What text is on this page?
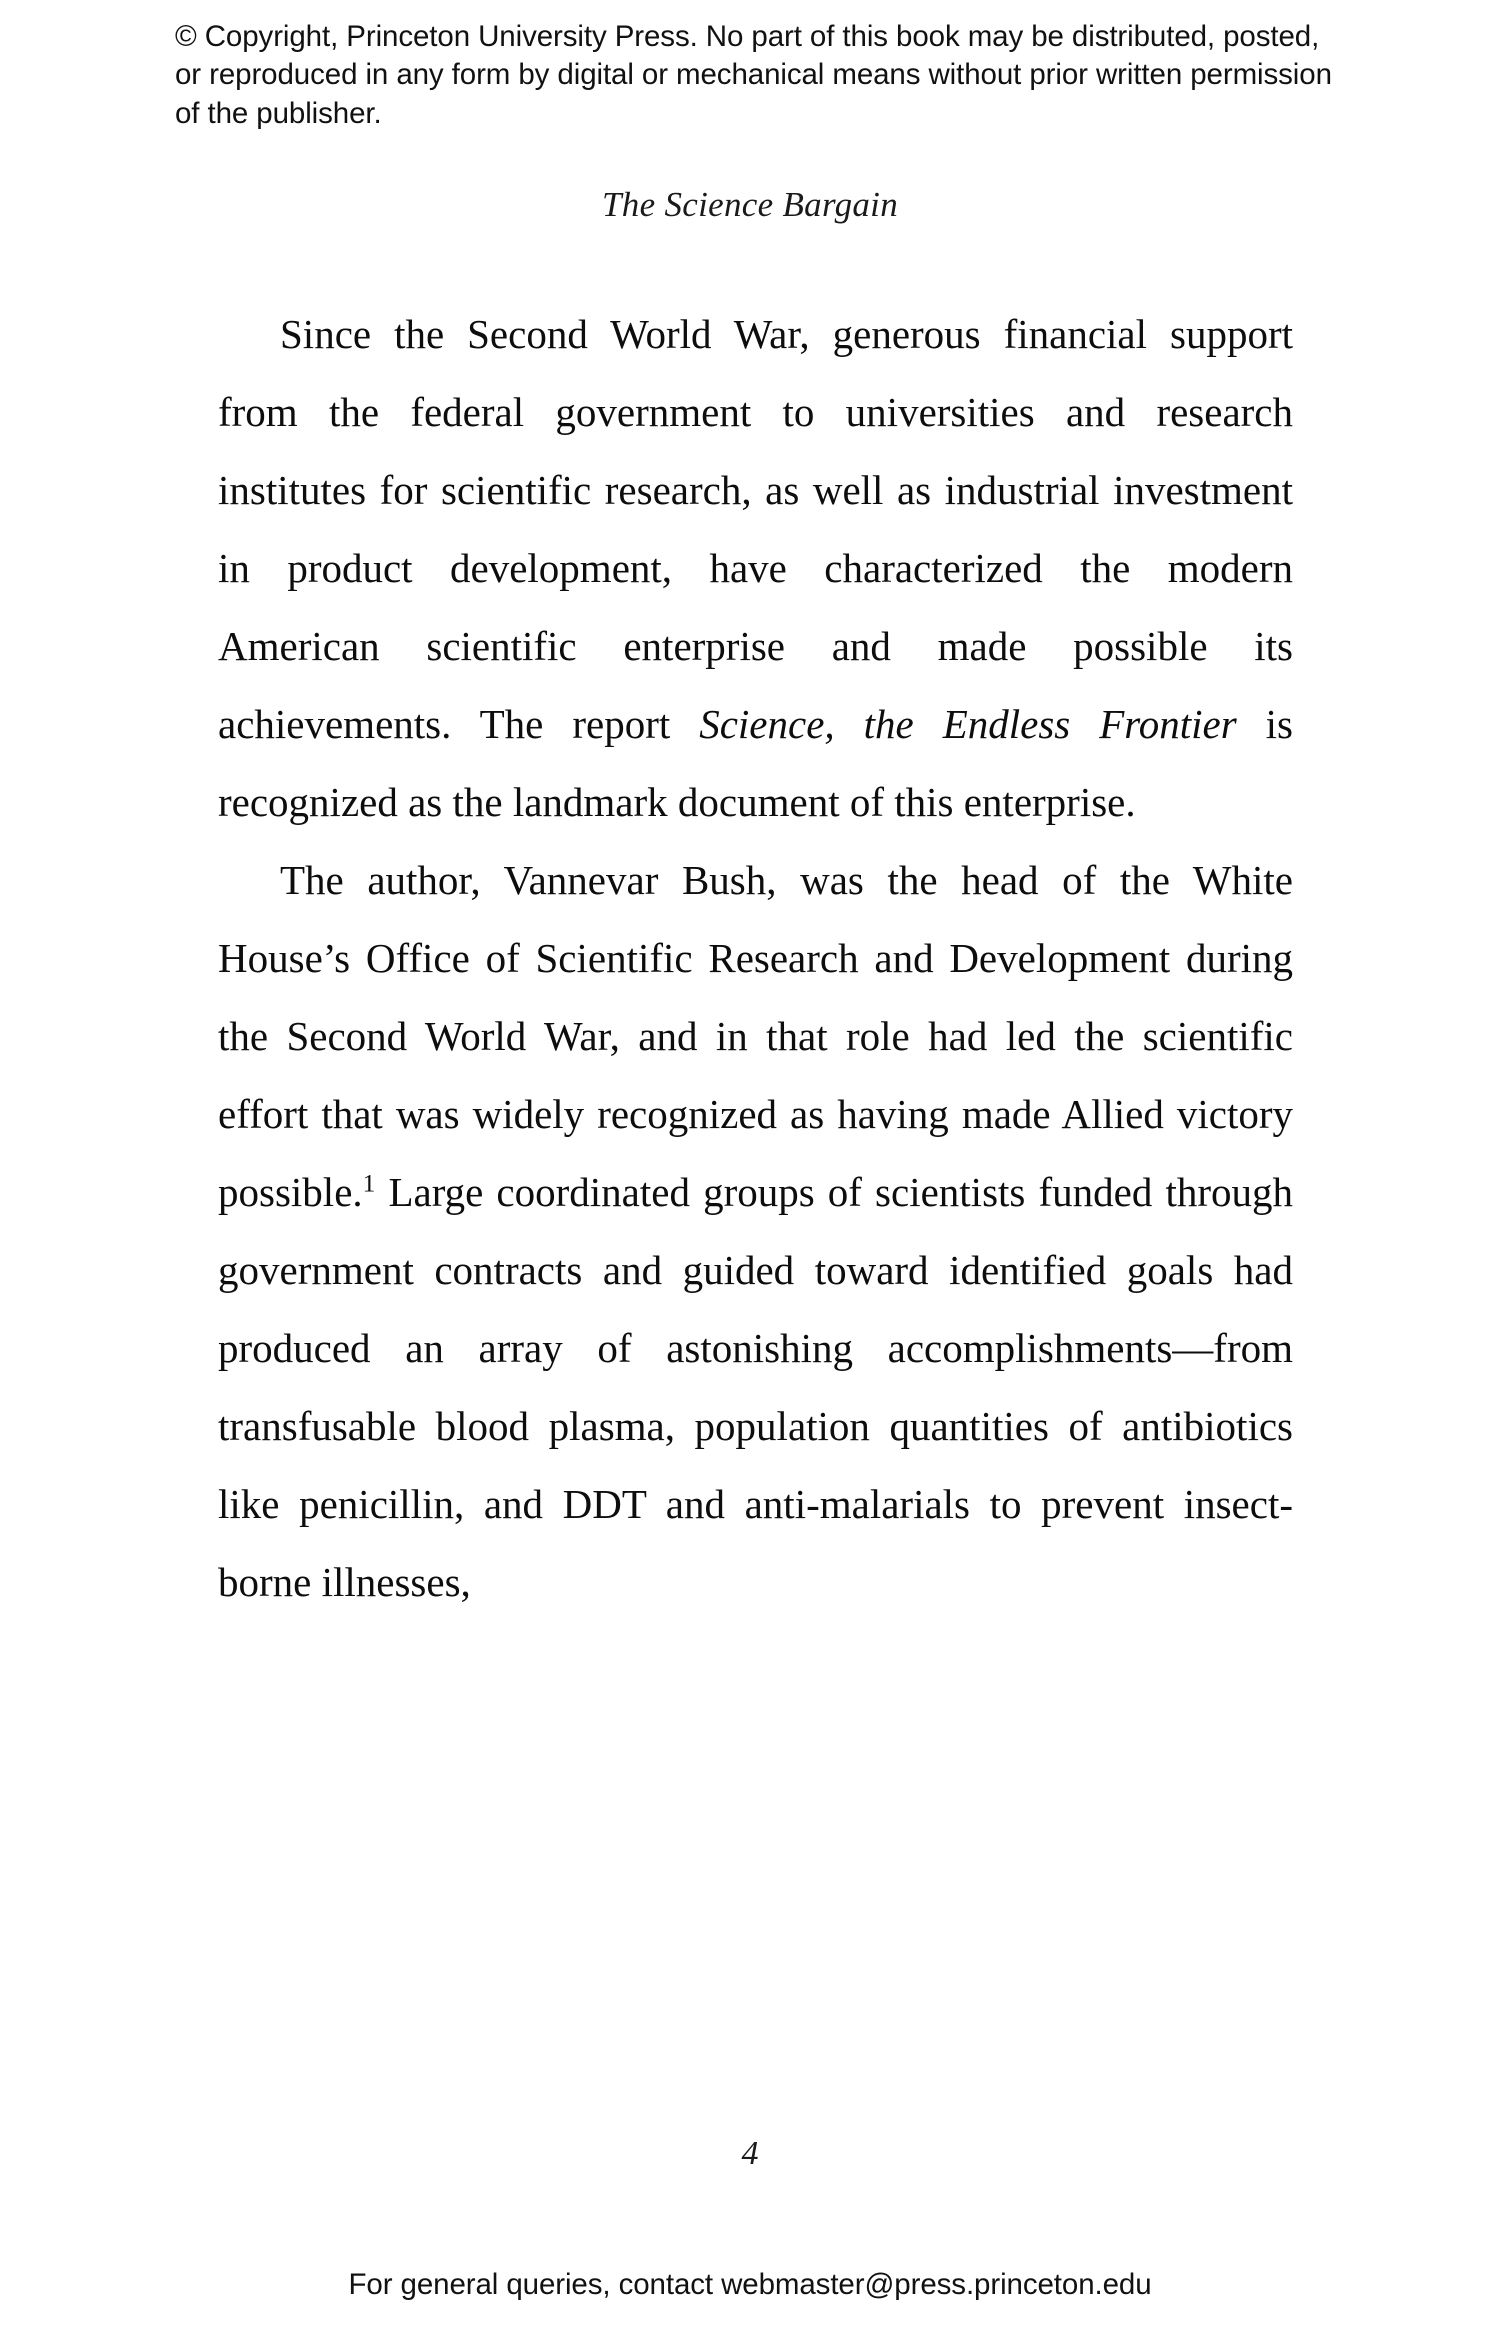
© Copyright, Princeton University Press. No part of this book may be distributed, posted, or reproduced in any form by digital or mechanical means without prior written permission of the publisher.
The Science Bargain

Since the Second World War, generous financial support from the federal government to universities and research institutes for scientific research, as well as industrial investment in product development, have characterized the modern American scientific enterprise and made possible its achievements. The report Science, the Endless Frontier is recognized as the landmark document of this enterprise.

The author, Vannevar Bush, was the head of the White House’s Office of Scientific Research and Development during the Second World War, and in that role had led the scientific effort that was widely recognized as having made Allied victory possible.$^1$ Large coordinated groups of scientists funded through government contracts and guided toward identified goals had produced an array of astonishing accomplishments—from transfusable blood plasma, population quantities of antibiotics like penicillin, and DDT and anti-malarials to prevent insect-borne illnesses,

4
For general queries, contact webmaster@press.princeton.edu
